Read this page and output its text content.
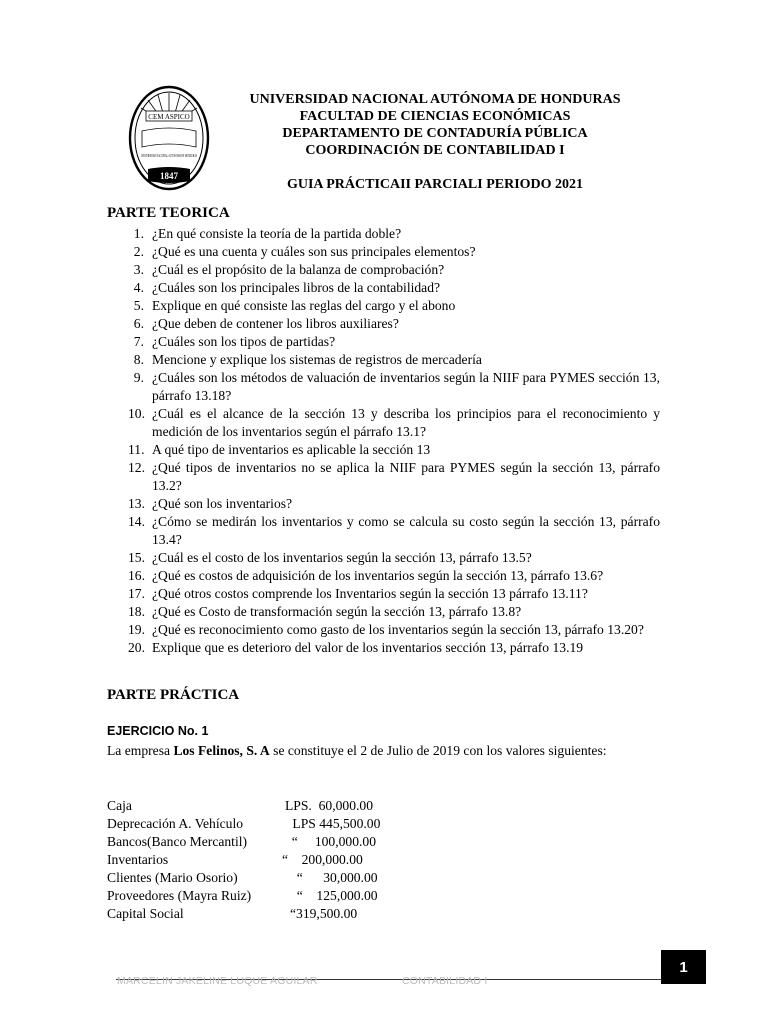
CEM ASPICO
UNIVERSIDAD NACIONAL AUTONOMA DE HONDURAS
1847
UNIVERSIDAD NACIONAL AUTÓNOMA DE HONDURAS
FACULTAD DE CIENCIAS ECONÓMICAS
DEPARTAMENTO DE CONTADURÍA PÚBLICA
COORDINACIÓN DE CONTABILIDAD I
GUIA PRÁCTICAII PARCIALI PERIODO 2021
PARTE TEORICA
1. ¿En qué consiste la teoría de la partida doble?
2. ¿Qué es una cuenta y cuáles son sus principales elementos?
3. ¿Cuál es el propósito de la balanza de comprobación?
4. ¿Cuáles son los principales libros de la contabilidad?
5. Explique en qué consiste las reglas del cargo y el abono
6. ¿Que deben de contener los libros auxiliares?
7. ¿Cuáles son los tipos de partidas?
8. Mencione y explique los sistemas de registros de mercadería
9. ¿Cuáles son los métodos de valuación de inventarios según la NIIF para PYMES sección 13, párrafo 13.18?
10. ¿Cuál es el alcance de la sección 13 y describa los principios para el reconocimiento y medición de los inventarios según el párrafo 13.1?
11. A qué tipo de inventarios es aplicable la sección 13
12. ¿Qué tipos de inventarios no se aplica la NIIF para PYMES según la sección 13, párrafo 13.2?
13. ¿Qué son los inventarios?
14. ¿Cómo se medirán los inventarios y como se calcula su costo según la sección 13, párrafo 13.4?
15. ¿Cuál es el costo de los inventarios según la sección 13, párrafo 13.5?
16. ¿Qué es costos de adquisición de los inventarios según la sección 13, párrafo 13.6?
17. ¿Qué otros costos comprende los Inventarios según la sección 13 párrafo 13.11?
18. ¿Qué es Costo de transformación según la sección 13, párrafo 13.8?
19. ¿Qué es reconocimiento como gasto de los inventarios según la sección 13, párrafo 13.20?
20. Explique que es deterioro del valor de los inventarios sección 13, párrafo 13.19
PARTE PRÁCTICA
EJERCICIO No. 1
La empresa Los Felinos, S. A se constituye el 2 de Julio de 2019 con los valores siguientes:
Caja	LPS.  60,000.00
Deprecación A. Vehículo	LPS 445,500.00
Bancos(Banco Mercantil)	“     100,000.00
Inventarios	“    200,000.00
Clientes (Mario Osorio)	“      30,000.00
Proveedores (Mayra Ruiz)	“    125,000.00
Capital Social	“319,500.00
MARCELIN JAKELINE LUQUE AGUILAR	CONTABILIDAD I
1
